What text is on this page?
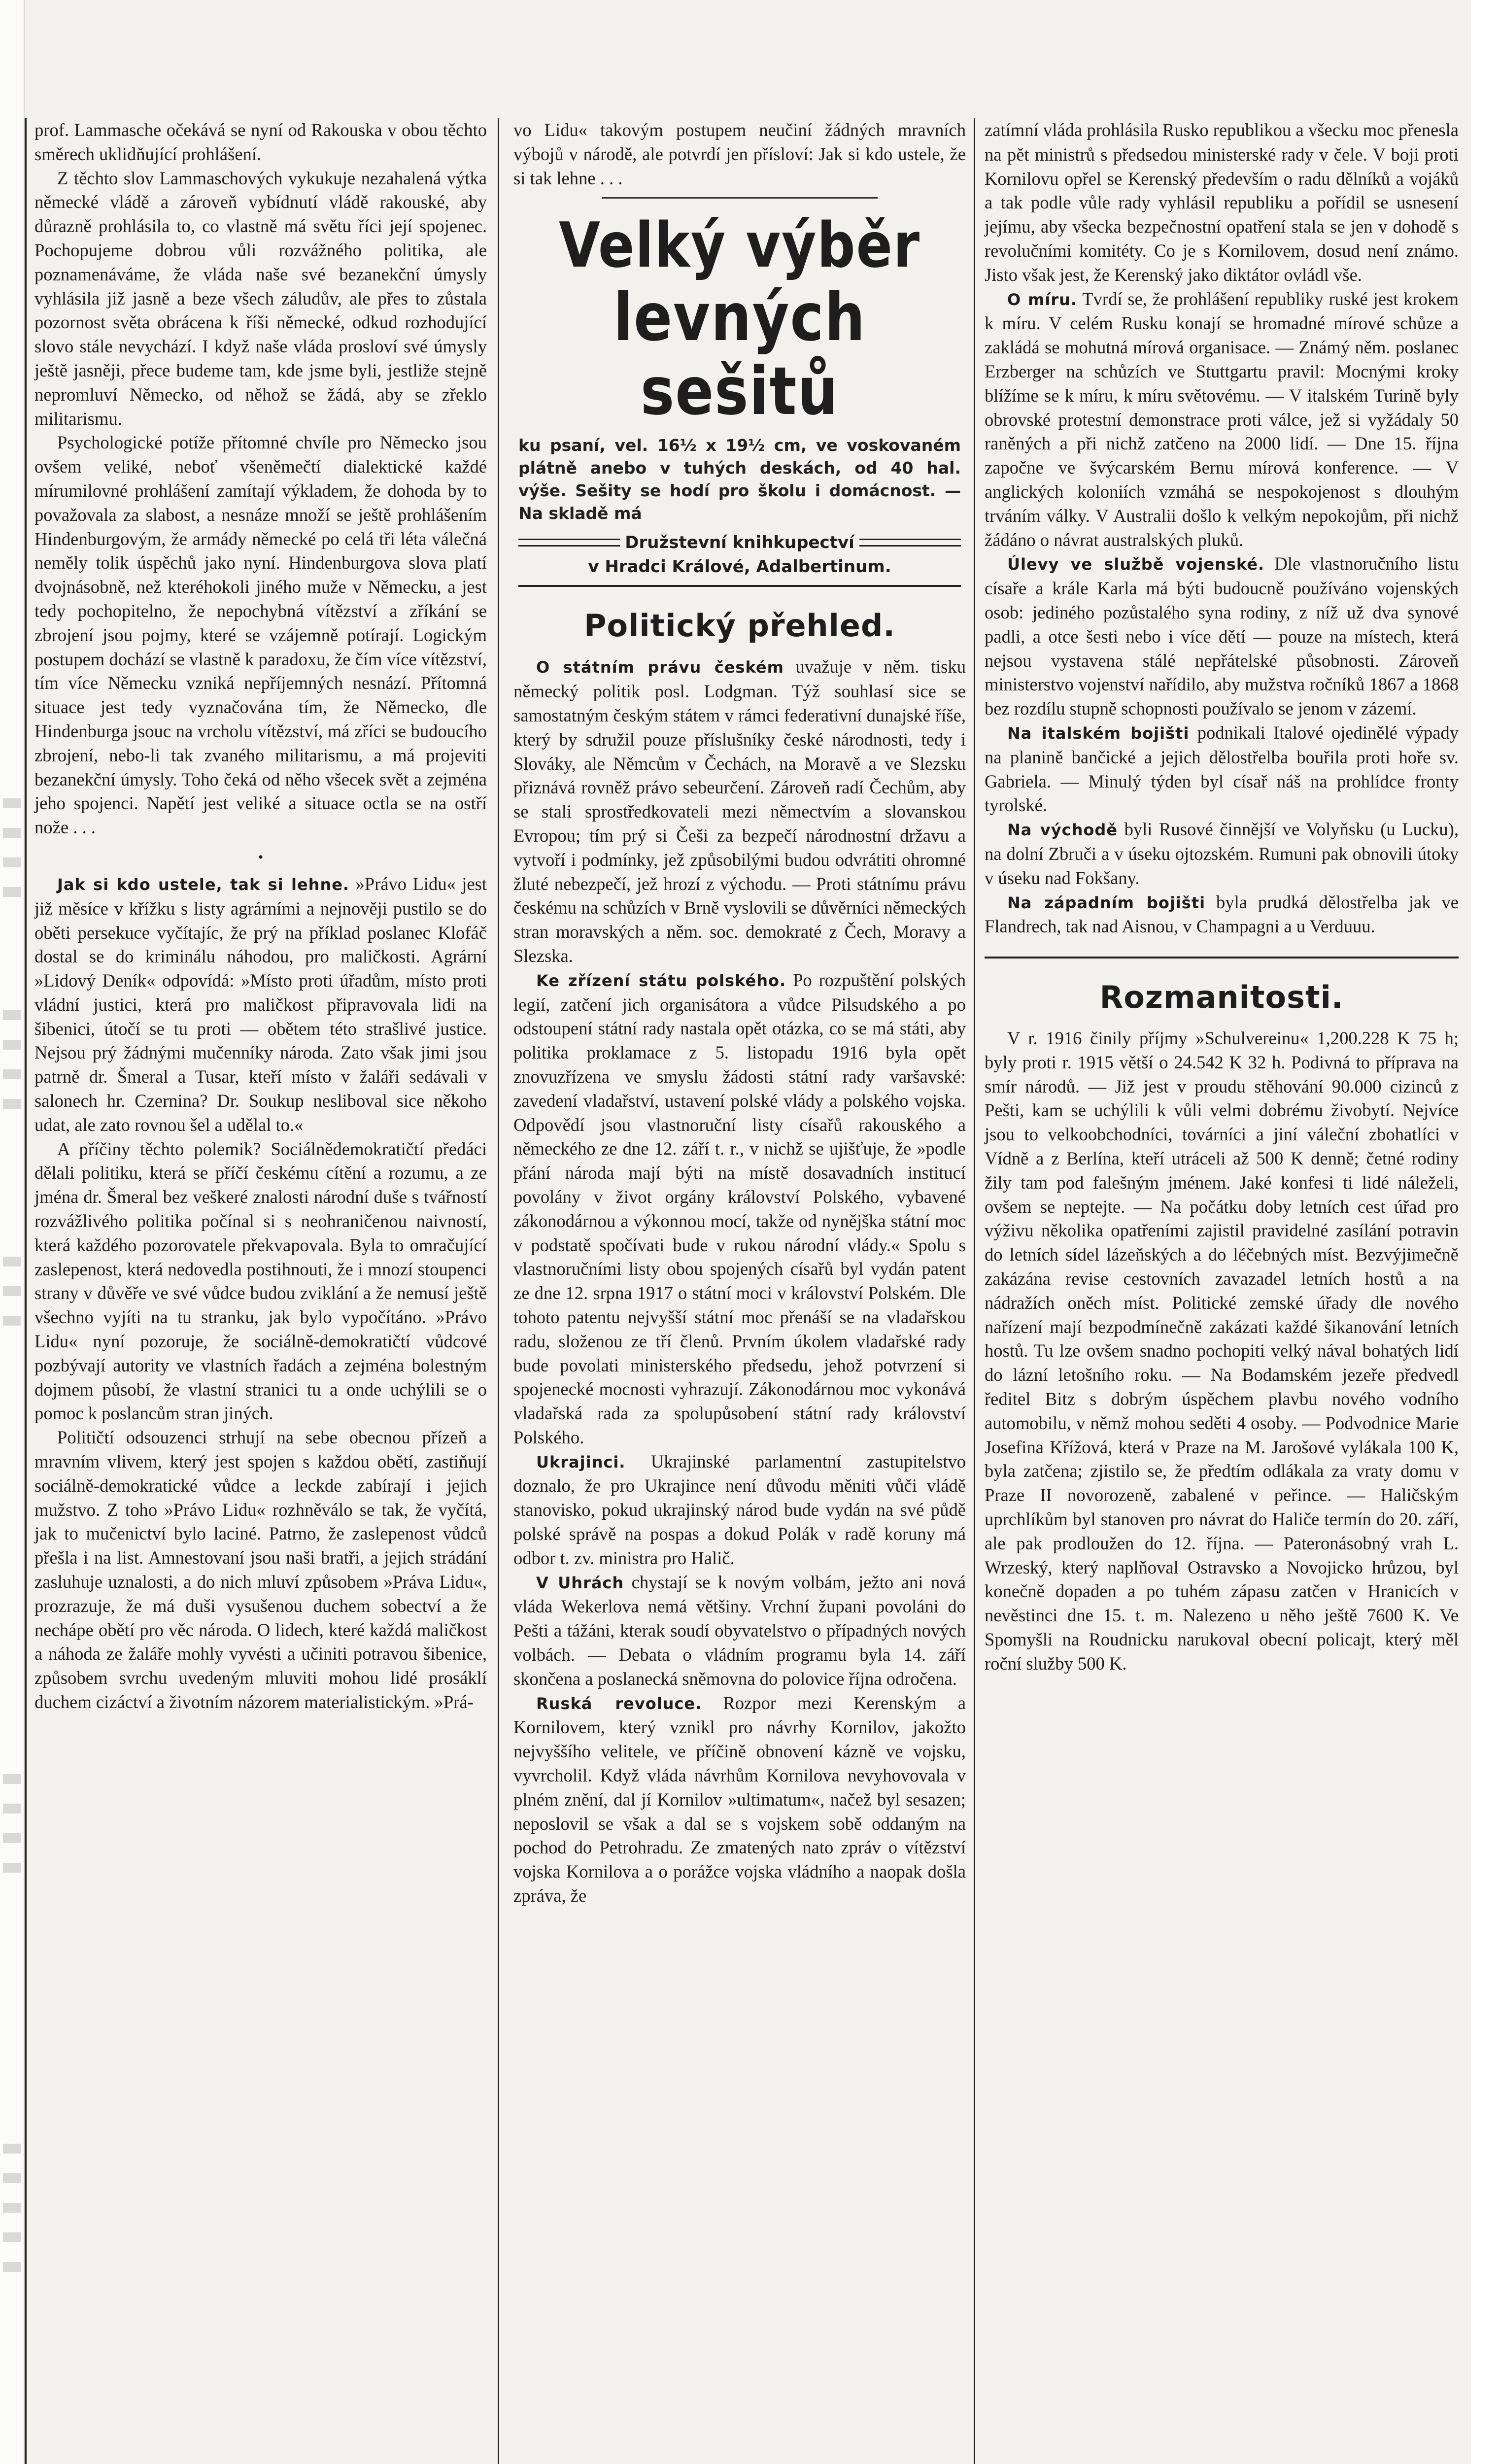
prof. Lammasche očekává se nyní od Rakouska v obou těchto směrech uklidňující prohlášení.

Z těchto slov Lammaschových vykukuje nezahalená výtka německé vládě a zároveň vybídnutí vládě rakouské, aby důrazně prohlásila to, co vlastně má světu říci její spojenec. Pochopujeme dobrou vůli rozvážného politika, ale poznamenáváme, že vláda naše své bezanekční úmysly vyhlásila již jasně a beze všech záludův, ale přes to zůstala pozornost světa obrácena k říši německé, odkud rozhodující slovo stále nevychází. I když naše vláda prosloví své úmysly ještě jasněji, přece budeme tam, kde jsme byli, jestliže stejně nepromluví Německo, od něhož se žádá, aby se zřeklo militarismu.

Psychologické potíže přítomné chvíle pro Německo jsou ovšem veliké, neboť všeněmečtí dialektické každé mírumilovné prohlášení zamítají výkladem, že dohoda by to považovala za slabost, a nesnáze množí se ještě prohlášením Hindenburgovým, že armády německé po celá tři léta válečná neměly tolik úspěchů jako nyní. Hindenburgova slova platí dvojnásobně, než kteréhokoli jiného muže v Německu, a jest tedy pochopitelno, že nepochybná vítězství a zříkání se zbrojení jsou pojmy, které se vzájemně potírají. Logickým postupem dochází se vlastně k paradoxu, že čím více vítězství, tím více Německu vzniká nepříjemných nesnází. Přítomná situace jest tedy vyznačována tím, že Německo, dle Hindenburga jsouc na vrcholu vítězství, má zříci se budoucího zbrojení, nebo-li tak zvaného militarismu, a má projeviti bezanekční úmysly. Toho čeká od něho všecek svět a zejména jeho spojenci. Napětí jest veliké a situace octla se na ostří nože . . .

•

Jak si kdo ustele, tak si lehne. »Právo Lidu« jest již měsíce v křížku s listy agrárními a nejnověji pustilo se do oběti persekuce vyčítajíc, že prý na příklad poslanec Klofáč dostal se do kriminálu náhodou, pro maličkosti. Agrární »Lidový Deník« odpovídá: »Místo proti úřadům, místo proti vládní justici, která pro maličkost připravovala lidi na šibenici, útočí se tu proti — obětem této strašlivé justice. Nejsou prý žádnými mučenníky národa. Zato však jimi jsou patrně dr. Šmeral a Tusar, kteří místo v žaláři sedávali v salonech hr. Czernina? Dr. Soukup nesliboval sice někoho udat, ale zato rovnou šel a udělal to.«

A příčiny těchto polemik? Sociálnědemokratičtí předáci dělali politiku, která se příčí českému cítění a rozumu, a ze jména dr. Šmeral bez veškeré znalosti národní duše s tvářností rozvážlivého politika počínal si s neohraničenou naivností, která každého pozorovatele překvapovala. Byla to omračující zaslepenost, která nedovedla postihnouti, že i mnozí stoupenci strany v důvěře ve své vůdce budou zviklání a že nemusí ještě všechno vyjíti na tu stranku, jak bylo vypočítáno. »Právo Lidu« nyní pozoruje, že sociálně-demokratičtí vůdcové pozbývají autority ve vlastních řadách a zejména bolestným dojmem působí, že vlastní stranici tu a onde uchýlili se o pomoc k poslancům stran jiných.

Političtí odsouzenci strhují na sebe obecnou přízeň a mravním vlivem, který jest spojen s každou obětí, zastiňují sociálně-demokratické vůdce a leckde zabírají i jejich mužstvo. Z toho »Právo Lidu« rozhněválo se tak, že vyčítá, jak to mučenictví bylo laciné. Patrno, že zaslepenost vůdců přešla i na list. Amnestovaní jsou naši bratři, a jejich strádání zasluhuje uznalosti, a do nich mluví způsobem »Práva Lidu«, prozrazuje, že má duši vysušenou duchem sobectví a že nechápe obětí pro věc národa. O lidech, které každá maličkost a náhoda ze žaláře mohly vyvésti a učiniti potravou šibenice, způsobem svrchu uvedeným mluviti mohou lidé prosáklí duchem cizáctví a životním názorem materialistickým. »Prá-

vo Lidu« takovým postupem neučiní žádných mravních výbojů v národě, ale potvrdí jen přísloví: Jak si kdo ustele, že si tak lehne . . .

Velký výběr
levných sešitů
ku psaní, vel. 16½ x 19½ cm, ve voskovaném plátně anebo v tuhých deskách, od 40 hal. výše. Sešity se hodí pro školu i domácnost. — Na skladě má
Družstevní knihkupectví
v Hradci Králové, Adalbertinum.
Politický přehled.

O státním právu českém uvažuje v něm. tisku německý politik posl. Lodgman. Týž souhlasí sice se samostatným českým státem v rámci federativní dunajské říše, který by sdružil pouze příslušníky české národnosti, tedy i Slováky, ale Němcům v Čechách, na Moravě a ve Slezsku přiznává rovněž právo sebeurčení. Zároveň radí Čechům, aby se stali sprostředkovateli mezi němectvím a slovanskou Evropou; tím prý si Češi za bezpečí národnostní državu a vytvoří i podmínky, jež způsobilými budou odvrátiti ohromné žluté nebezpečí, jež hrozí z východu. — Proti státnímu právu českému na schůzích v Brně vyslovili se důvěrníci německých stran moravských a něm. soc. demokraté z Čech, Moravy a Slezska.

Ke zřízení státu polského. Po rozpuštění polských legií, zatčení jich organisátora a vůdce Pilsudského a po odstoupení státní rady nastala opět otázka, co se má státi, aby politika proklamace z 5. listopadu 1916 byla opět znovuzřízena ve smyslu žádosti státní rady varšavské: zavedení vladařství, ustavení polské vlády a polského vojska. Odpovědí jsou vlastnoruční listy císařů rakouského a německého ze dne 12. září t. r., v nichž se ujišťuje, že »podle přání národa mají býti na místě dosavadních institucí povolány v život orgány království Polského, vybavené zákonodárnou a výkonnou mocí, takže od nynějška státní moc v podstatě spočívati bude v rukou národní vlády.« Spolu s vlastnoručními listy obou spojených císařů byl vydán patent ze dne 12. srpna 1917 o státní moci v království Polském. Dle tohoto patentu nejvyšší státní moc přenáší se na vladařskou radu, složenou ze tří členů. Prvním úkolem vladařské rady bude povolati ministerského předsedu, jehož potvrzení si spojenecké mocnosti vyhrazují. Zákonodárnou moc vykonává vladařská rada za spolupůsobení státní rady království Polského.

Ukrajinci. Ukrajinské parlamentní zastupitelstvo doznalo, že pro Ukrajince není důvodu měniti vůči vládě stanovisko, pokud ukrajinský národ bude vydán na své půdě polské správě na pospas a dokud Polák v radě koruny má odbor t. zv. ministra pro Halič.

V Uhrách chystají se k novým volbám, ježto ani nová vláda Wekerlova nemá většiny. Vrchní župani povoláni do Pešti a tážáni, kterak soudí obyvatelstvo o případných nových volbách. — Debata o vládním programu byla 14. září skončena a poslanecká sněmovna do polovice října odročena.

Ruská revoluce. Rozpor mezi Kerenským a Kornilovem, který vznikl pro návrhy Kornilov, jakožto nejvyššího velitele, ve příčině obnovení kázně ve vojsku, vyvrcholil. Když vláda návrhům Kornilova nevyhovovala v plném znění, dal jí Kornilov »ultimatum«, načež byl sesazen; neposlovil se však a dal se s vojskem sobě oddaným na pochod do Petrohradu. Ze zmatených nato zpráv o vítězství vojska Kornilova a o porážce vojska vládního a naopak došla zpráva, že

zatímní vláda prohlásila Rusko republikou a všecku moc přenesla na pět ministrů s předsedou ministerské rady v čele. V boji proti Kornilovu opřel se Kerenský především o radu dělníků a vojáků a tak podle vůle rady vyhlásil republiku a pořídil se usnesení jejímu, aby všecka bezpečnostní opatření stala se jen v dohodě s revolučními komitéty. Co je s Kornilovem, dosud není známo. Jisto však jest, že Kerenský jako diktátor ovládl vše.

O míru. Tvrdí se, že prohlášení republiky ruské jest krokem k míru. V celém Rusku konají se hromadné mírové schůze a zakládá se mohutná mírová organisace. — Známý něm. poslanec Erzberger na schůzích ve Stuttgartu pravil: Mocnými kroky blížíme se k míru, k míru světovému. — V italském Turině byly obrovské protestní demonstrace proti válce, jež si vyžádaly 50 raněných a při nichž zatčeno na 2000 lidí. — Dne 15. října započne ve švýcarském Bernu mírová konference. — V anglických koloniích vzmáhá se nespokojenost s dlouhým trváním války. V Australii došlo k velkým nepokojům, při nichž žádáno o návrat australských pluků.

Úlevy ve službě vojenské. Dle vlastnoručního listu císaře a krále Karla má býti budoucně používáno vojenských osob: jediného pozůstalého syna rodiny, z níž už dva synové padli, a otce šesti nebo i více dětí — pouze na místech, která nejsou vystavena stálé nepřátelské působnosti. Zároveň ministerstvo vojenství nařídilo, aby mužstva ročníků 1867 a 1868 bez rozdílu stupně schopnosti používalo se jenom v zázemí.

Na italském bojišti podnikali Italové ojedinělé výpady na planině bančické a jejich dělostřelba bouřila proti hoře sv. Gabriela. — Minulý týden byl císař náš na prohlídce fronty tyrolské.

Na východě byli Rusové činnější ve Volyňsku (u Lucku), na dolní Zbruči a v úseku ojtozském. Rumuni pak obnovili útoky v úseku nad Fokšany.

Na západním bojišti byla prudká dělostřelba jak ve Flandrech, tak nad Aisnou, v Champagni a u Verduuu.

Rozmanitosti.

V r. 1916 činily příjmy »Schulvereinu« 1,200.228 K 75 h; byly proti r. 1915 větší o 24.542 K 32 h. Podivná to příprava na smír národů. — Již jest v proudu stěhování 90.000 cizinců z Pešti, kam se uchýlili k vůli velmi dobrému živobytí. Nejvíce jsou to velkoobchodníci, továrníci a jiní váleční zbohatlíci v Vídně a z Berlína, kteří utráceli až 500 K denně; četné rodiny žily tam pod falešným jménem. Jaké konfesi ti lidé náleželi, ovšem se neptejte. — Na počátku doby letních cest úřad pro výživu několika opatřeními zajistil pravidelné zasílání potravin do letních sídel lázeňských a do léčebných míst. Bezvýjimečně zakázána revise cestovních zavazadel letních hostů a na nádražích oněch míst. Politické zemské úřady dle nového nařízení mají bezpodmínečně zakázati každé šikanování letních hostů. Tu lze ovšem snadno pochopiti velký nával bohatých lidí do lázní letošního roku. — Na Bodamském jezeře předvedl ředitel Bitz s dobrým úspěchem plavbu nového vodního automobilu, v němž mohou seděti 4 osoby. — Podvodnice Marie Josefina Křížová, která v Praze na M. Jarošové vylákala 100 K, byla zatčena; zjistilo se, že předtím odlákala za vraty domu v Praze II novorozeně, zabalené v peřince. — Haličským uprchlíkům byl stanoven pro návrat do Haliče termín do 20. září, ale pak prodloužen do 12. října. — Pateronásobný vrah L. Wrzeský, který naplňoval Ostravsko a Novojicko hrůzou, byl konečně dopaden a po tuhém zápasu zatčen v Hranicích v nevěstinci dne 15. t. m. Nalezeno u něho ještě 7600 K. Ve Spomyšli na Roudnicku narukoval obecní policajt, který měl roční služby 500 K.
